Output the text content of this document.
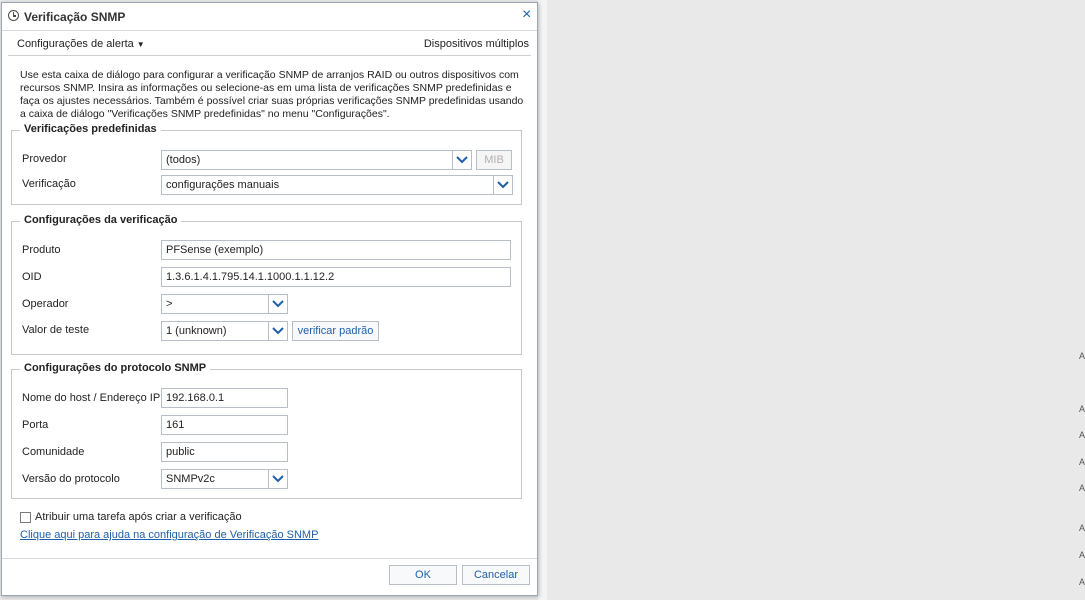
A
A
A
A
A
A
A
A
Verificação SNMP	×
Configurações de alerta ▼	Dispositivos múltiplos
Use esta caixa de diálogo para configurar a verificação SNMP de arranjos RAID ou outros dispositivos com recursos SNMP. Insira as informações ou selecione-as em uma lista de verificações SNMP predefinidas e faça os ajustes necessários. Também é possível criar suas próprias verificações SNMP predefinidas usando a caixa de diálogo "Verificações SNMP predefinidas" no menu "Configurações".
Verificações predefinidas
Provedor	(todos)	MIB
Verificação	configurações manuais
Configurações da verificação
Produto	PFSense (exemplo)
OID	1.3.6.1.4.1.795.14.1.1000.1.1.12.2
Operador	>
Valor de teste	1 (unknown)	verificar padrão
Configurações do protocolo SNMP
Nome do host / Endereço IP 192.168.0.1
Porta	161
Comunidade	public
Versão do protocolo	SNMPv2c
Atribuir uma tarefa após criar a verificação
Clique aqui para ajuda na configuração de Verificação SNMP
OK	Cancelar
